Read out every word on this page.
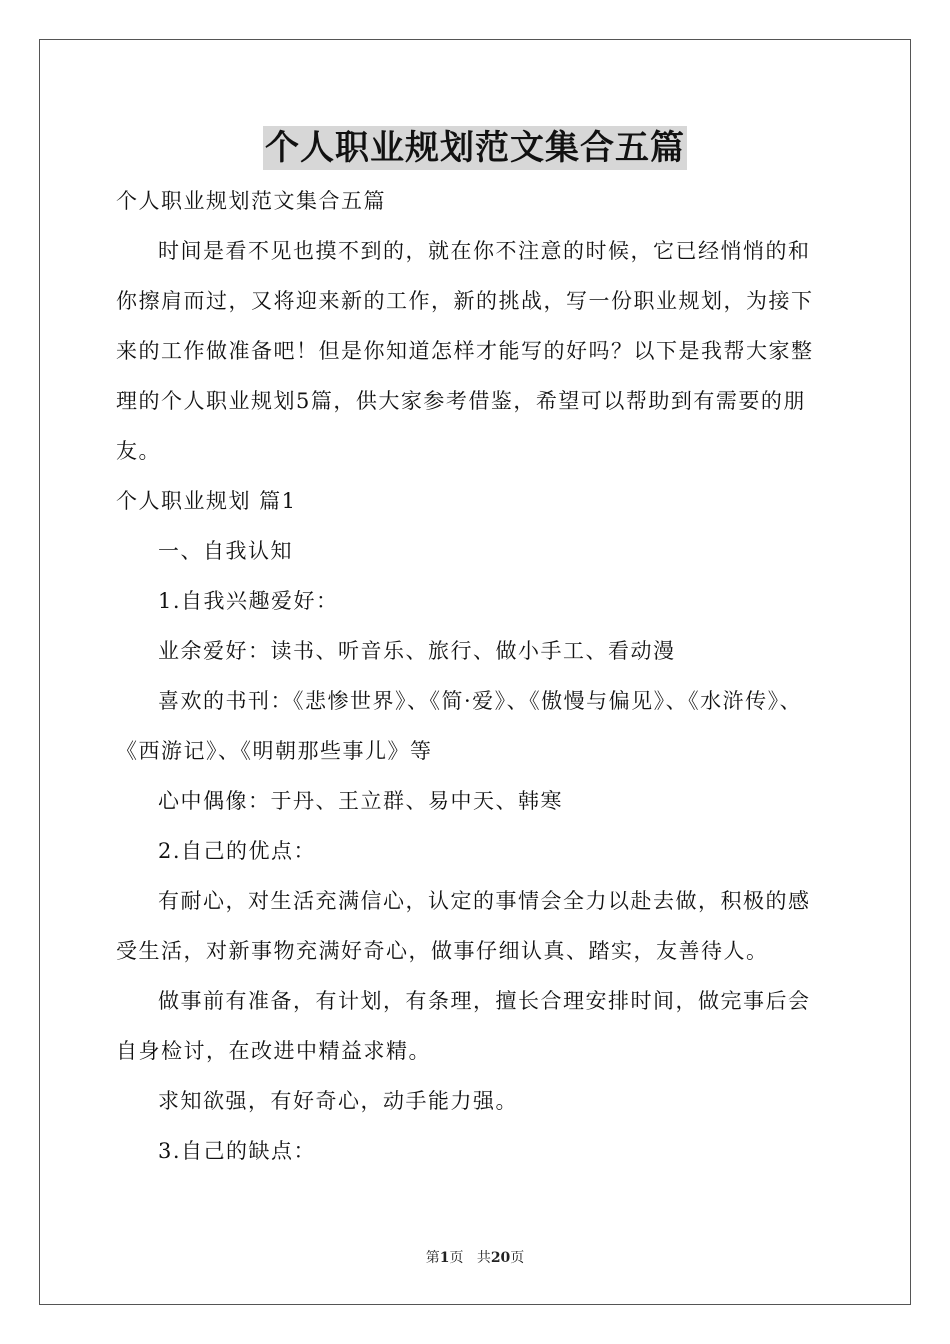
个人职业规划范文集合五篇

个人职业规划范文集合五篇

时间是看不见也摸不到的，就在你不注意的时候，它已经悄悄的和你擦肩而过，又将迎来新的工作，新的挑战，写一份职业规划，为接下来的工作做准备吧！但是你知道怎样才能写的好吗？以下是我帮大家整理的个人职业规划5篇，供大家参考借鉴，希望可以帮助到有需要的朋友。

个人职业规划 篇1

一、自我认知

1.自我兴趣爱好：

业余爱好：读书、听音乐、旅行、做小手工、看动漫

喜欢的书刊：《悲惨世界》、《简·爱》、《傲慢与偏见》、《水浒传》、《西游记》、《明朝那些事儿》等

心中偶像：于丹、王立群、易中天、韩寒

2.自己的优点：

有耐心，对生活充满信心，认定的事情会全力以赴去做，积极的感受生活，对新事物充满好奇心，做事仔细认真、踏实，友善待人。

做事前有准备，有计划，有条理，擅长合理安排时间，做完事后会自身检讨，在改进中精益求精。

求知欲强，有好奇心，动手能力强。

3.自己的缺点：

第1页 共20页
